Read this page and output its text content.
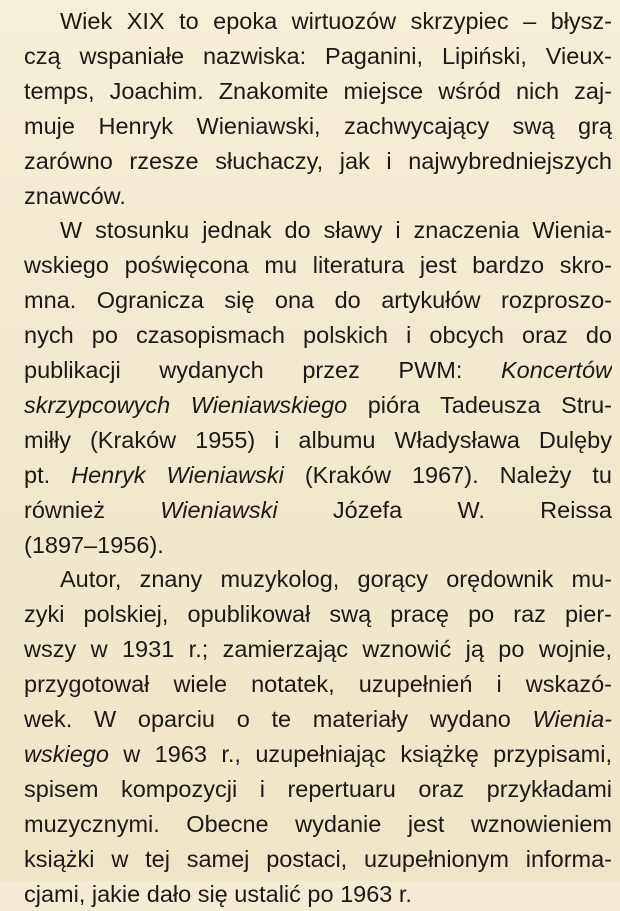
Wiek XIX to epoka wirtuozów skrzypiec – błysz-
czą wspaniałe nazwiska: Paganini, Lipiński, Vieux-
temps, Joachim. Znakomite miejsce wśród nich zaj-
muje Henryk Wieniawski, zachwycający swą grą
zarówno rzesze słuchaczy, jak i najwybredniejszych
znawców.
W stosunku jednak do sławy i znaczenia Wienia-
wskiego poświęcona mu literatura jest bardzo skro-
mna. Ogranicza się ona do artykułów rozproszo-
nych po czasopismach polskich i obcych oraz do
publikacji wydanych przez PWM: Koncertów
skrzypcowych Wieniawskiego pióra Tadeusza Stru-
miłły (Kraków 1955) i albumu Władysława Dulęby
pt. Henryk Wieniawski (Kraków 1967). Należy tu
również Wieniawski Józefa W. Reissa
(1897–1956).
Autor, znany muzykolog, gorący orędownik mu-
zyki polskiej, opublikował swą pracę po raz pier-
wszy w 1931 r.; zamierzając wznowić ją po wojnie,
przygotował wiele notatek, uzupełnień i wskazó-
wek. W oparciu o te materiały wydano Wienia-
wskiego w 1963 r., uzupełniając książkę przypisami,
spisem kompozycji i repertuaru oraz przykładami
muzycznymi. Obecne wydanie jest wznowieniem
książki w tej samej postaci, uzupełnionym informa-
cjami, jakie dało się ustalić po 1963 r.
